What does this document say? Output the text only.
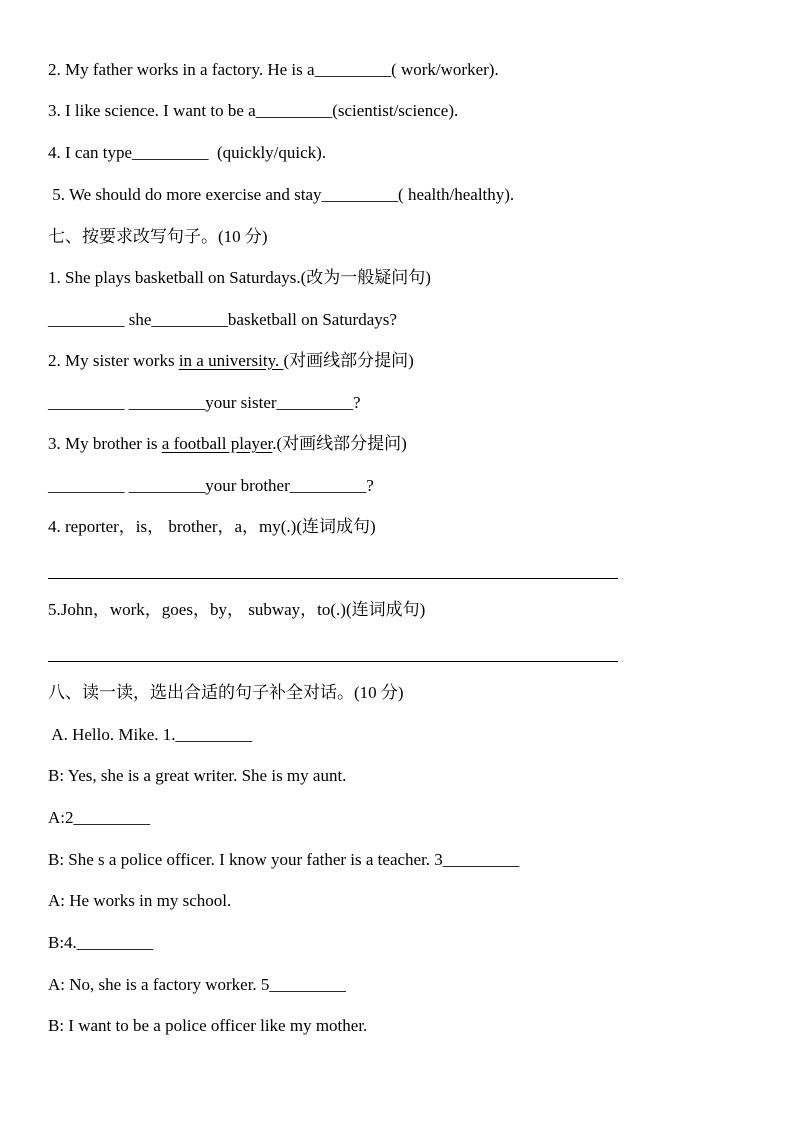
2. My father works in a factory. He is a_________( work/worker).
3. I like science. I want to be a_________(scientist/science).
4. I can type_________  (quickly/quick).
5. We should do more exercise and stay_________( health/healthy).
七、按要求改写句子。(10 分)
1. She plays basketball on Saturdays.(改为一般疑问句)
_________ she_________basketball on Saturdays?
2. My sister works in a university. (对画线部分提问)
_________ _________your sister_________?
3. My brother is a football player.(对画线部分提问)
_________ _________your brother_________?
4. reporter，is， brother，a，my(.)(连词成句)
5.John，work，goes，by， subway，to(.)(连词成句)
八、读一读，选出合适的句子补全对话。(10 分)
A. Hello. Mike. 1._________
B: Yes, she is a great writer. She is my aunt.
A:2_________
B: She s a police officer. I know your father is a teacher. 3_________
A: He works in my school.
B:4._________
A: No, she is a factory worker. 5_________
B: I want to be a police officer like my mother.
